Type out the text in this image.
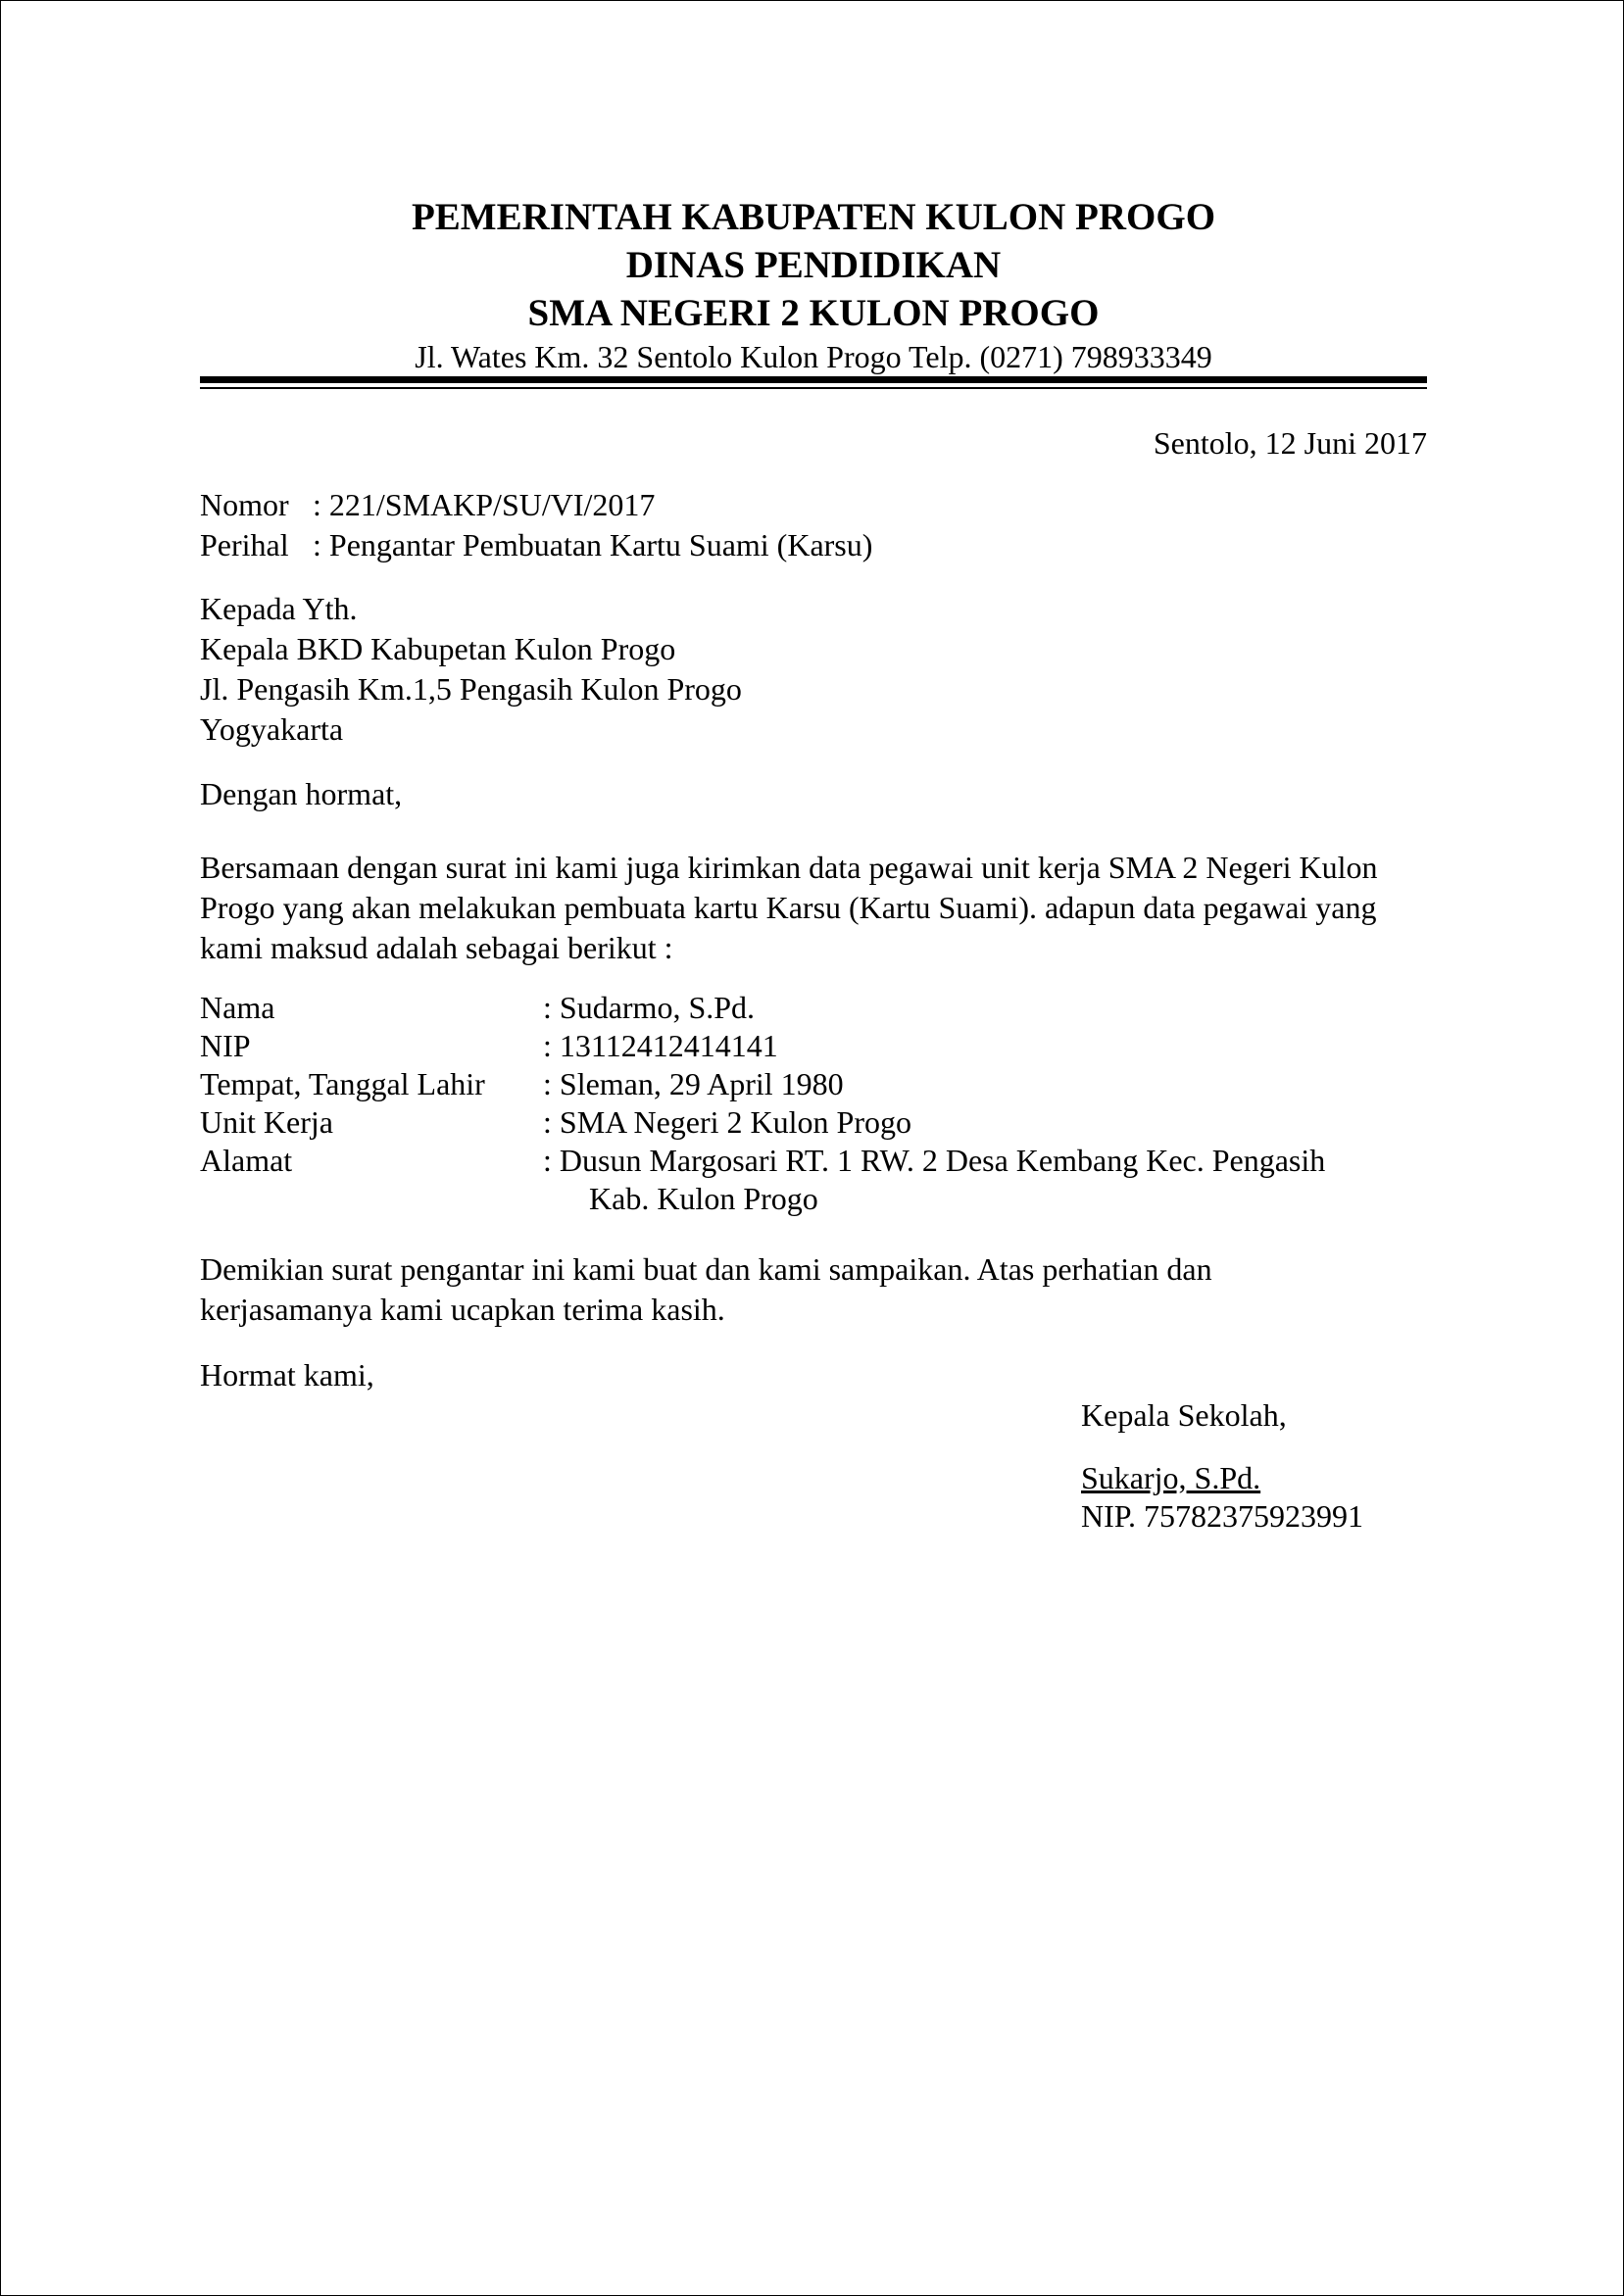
PEMERINTAH KABUPATEN KULON PROGO
DINAS PENDIDIKAN
SMA NEGERI 2 KULON PROGO
Jl. Wates Km. 32 Sentolo Kulon Progo Telp. (0271) 798933349
Sentolo, 12 Juni 2017
Nomor : 221/SMAKP/SU/VI/2017
Perihal : Pengantar Pembuatan Kartu Suami (Karsu)
Kepada Yth.
Kepala BKD Kabupetan Kulon Progo
Jl. Pengasih Km.1,5 Pengasih Kulon Progo
Yogyakarta
Dengan hormat,
Bersamaan dengan surat ini kami juga kirimkan data pegawai unit kerja SMA 2 Negeri Kulon
Progo yang akan melakukan pembuata kartu Karsu (Kartu Suami). adapun data pegawai yang
kami maksud adalah sebagai berikut :
Nama	: Sudarmo, S.Pd.
NIP	: 13112412414141
Tempat, Tanggal Lahir : Sleman, 29 April 1980
Unit Kerja	: SMA Negeri 2 Kulon Progo
Alamat	: Dusun Margosari RT. 1 RW. 2 Desa Kembang Kec. Pengasih
Kab. Kulon Progo
Demikian surat pengantar ini kami buat dan kami sampaikan. Atas perhatian dan
kerjasamanya kami ucapkan terima kasih.
Hormat kami,
Kepala Sekolah,
Sukarjo, S.Pd.
NIP. 75782375923991
